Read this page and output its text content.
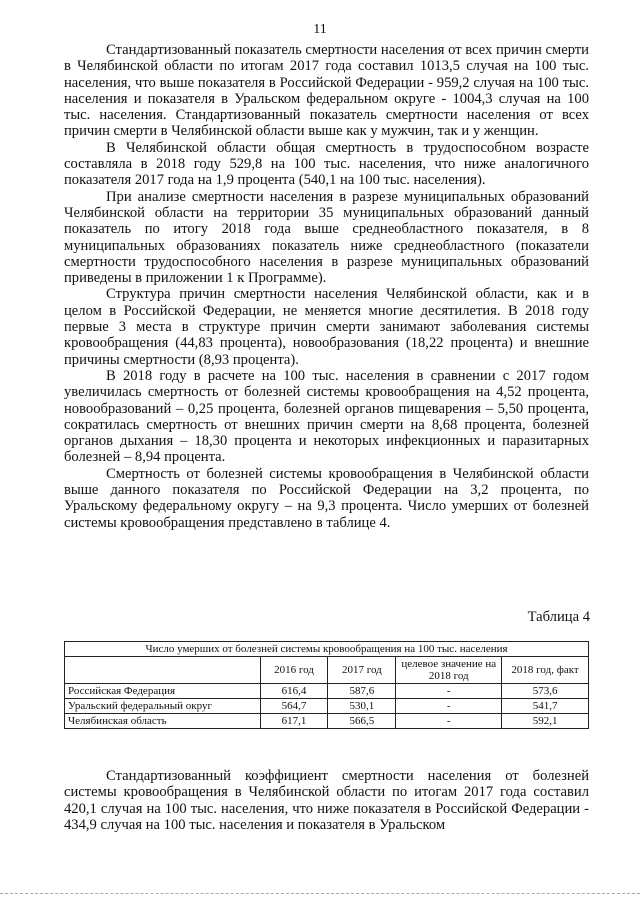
11

Стандартизованный показатель смертности населения от всех причин смерти в Челябинской области по итогам 2017 года составил 1013,5 случая на 100 тыс. населения, что выше показателя в Российской Федерации - 959,2 случая на 100 тыс. населения и показателя в Уральском федеральном округе - 1004,3 случая на 100 тыс. населения. Стандартизованный показатель смертности населения от всех причин смерти в Челябинской области выше как у мужчин, так и у женщин.

В Челябинской области общая смертность в трудоспособном возрасте составляла в 2018 году 529,8 на 100 тыс. населения, что ниже аналогичного показателя 2017 года на 1,9 процента (540,1 на 100 тыс. населения).

При анализе смертности населения в разрезе муниципальных образований Челябинской области на территории 35 муниципальных образований данный показатель по итогу 2018 года выше среднеобластного показателя, в 8 муниципальных образованиях показатель ниже среднеобластного (показатели смертности трудоспособного населения в разрезе муниципальных образований приведены в приложении 1 к Программе).

Структура причин смертности населения Челябинской области, как и в целом в Российской Федерации, не меняется многие десятилетия. В 2018 году первые 3 места в структуре причин смерти занимают заболевания системы кровообращения (44,83 процента), новообразования (18,22 процента) и внешние причины смертности (8,93 процента).

В 2018 году в расчете на 100 тыс. населения в сравнении с 2017 годом увеличилась смертность от болезней системы кровообращения на 4,52 процента, новообразований – 0,25 процента, болезней органов пищеварения – 5,50 процента, сократилась смертность от внешних причин смерти на 8,68 процента, болезней органов дыхания – 18,30 процента и некоторых инфекционных и паразитарных болезней – 8,94 процента.

Смертность от болезней системы кровообращения в Челябинской области выше данного показателя по Российской Федерации на 3,2 процента, по Уральскому федеральному округу – на 9,3 процента. Число умерших от болезней системы кровообращения представлено в таблице 4.

Таблица 4
Число умерших от болезней системы кровообращения на 100 тыс. населения				
	2016 год	2017 год	целевое значение на 2018 год	2018 год, факт
Российская Федерация	616,4	587,6	-	573,6
Уральский федеральный округ	564,7	530,1	-	541,7
Челябинская область	617,1	566,5	-	592,1

Стандартизованный коэффициент смертности населения от болезней системы кровообращения в Челябинской области по итогам 2017 года составил 420,1 случая на 100 тыс. населения, что ниже показателя в Российской Федерации - 434,9 случая на 100 тыс. населения и показателя в Уральском
